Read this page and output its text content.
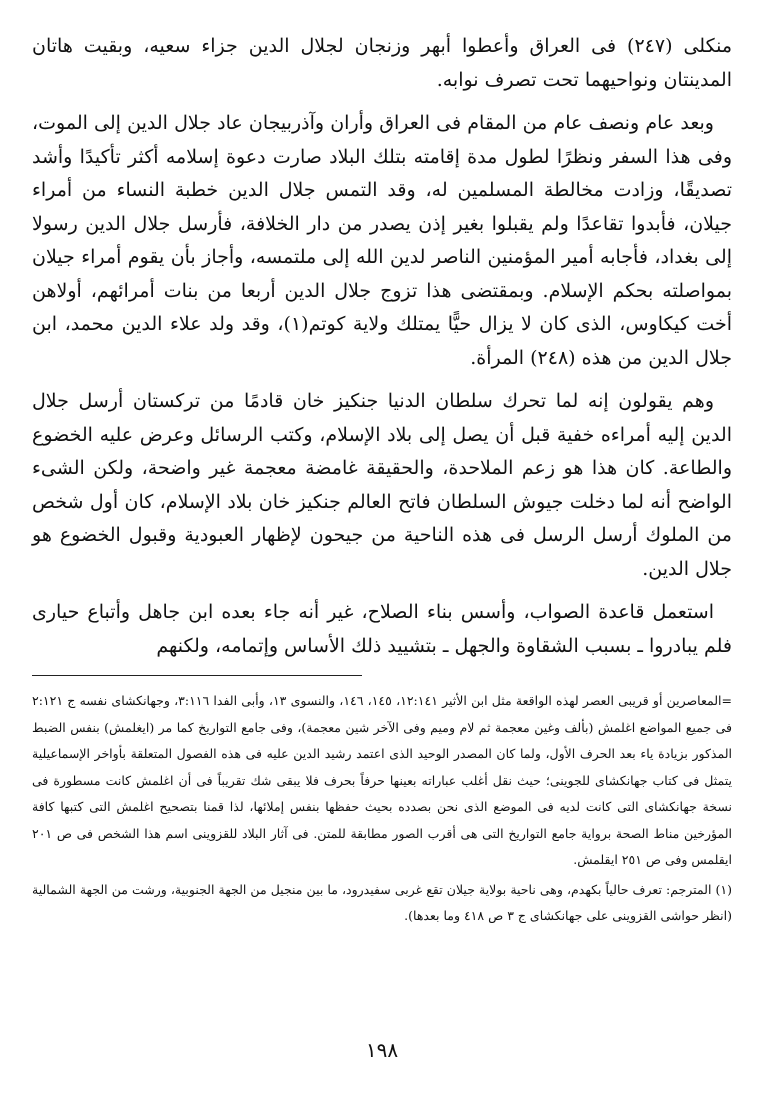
منكلى (٢٤٧) فى العراق وأعطوا أبهر وزنجان لجلال الدين جزاء سعيه، وبقيت هاتان المدينتان ونواحيهما تحت تصرف نوابه.

وبعد عام ونصف عام من المقام فى العراق وأران وآذربيجان عاد جلال الدين إلى الموت، وفى هذا السفر ونظرًا لطول مدة إقامته بتلك البلاد صارت دعوة إسلامه أكثر تأكيدًا وأشد تصديقًا، وزادت مخالطة المسلمين له، وقد التمس جلال الدين خطبة النساء من أمراء جيلان، فأبدوا تقاعدًا ولم يقبلوا بغير إذن يصدر من دار الخلافة، فأرسل جلال الدين رسولا إلى بغداد، فأجابه أمير المؤمنين الناصر لدين الله إلى ملتمسه، وأجاز بأن يقوم أمراء جيلان بمواصلته بحكم الإسلام. وبمقتضى هذا تزوج جلال الدين أربعا من بنات أمرائهم، أولاهن أخت كيكاوس، الذى كان لا يزال حيًّا يمتلك ولاية كوتم(١)، وقد ولد علاء الدين محمد، ابن جلال الدين من هذه (٢٤٨) المرأة.

وهم يقولون إنه لما تحرك سلطان الدنيا جنكيز خان قادمًا من تركستان أرسل جلال الدين إليه أمراءه خفية قبل أن يصل إلى بلاد الإسلام، وكتب الرسائل وعرض عليه الخضوع والطاعة. كان هذا هو زعم الملاحدة، والحقيقة غامضة معجمة غير واضحة، ولكن الشىء الواضح أنه لما دخلت جيوش السلطان فاتح العالم جنكيز خان بلاد الإسلام، كان أول شخص من الملوك أرسل الرسل فى هذه الناحية من جيحون لإظهار العبودية وقبول الخضوع هو جلال الدين.

استعمل قاعدة الصواب، وأسس بناء الصلاح، غير أنه جاء بعده ابن جاهل وأتباع حيارى فلم يبادروا ـ بسبب الشقاوة والجهل ـ بتشييد ذلك الأساس وإتمامه، ولكنهم

=المعاصرين أو قريبى العصر لهذه الواقعة مثل ابن الأثير ١٢:١٤١، ١٤٥، ١٤٦، والنسوى ١٣، وأبى الفدا ٣:١١٦، وجهانكشاى نفسه ج ٢:١٢١ فى جميع المواضع اغلمش (بألف وغين معجمة ثم لام وميم وفى الآخر شين معجمة)، وفى جامع التواريخ كما مر (ايغلمش) بنفس الضبط المذكور بزيادة ياء بعد الحرف الأول، ولما كان المصدر الوحيد الذى اعتمد رشيد الدين عليه فى هذه الفصول المتعلقة بأواخر الإسماعيلية يتمثل فى كتاب جهانكشاى للجوينى؛ حيث نقل أغلب عباراته بعينها حرفاً بحرف فلا يبقى شك تقريباً فى أن اغلمش كانت مسطورة فى نسخة جهانكشاى التى كانت لديه فى الموضع الذى نحن بصدده بحيث حفظها بنفس إملائها، لذا قمنا بتصحيح اغلمش التى كتبها كافة المؤرخين مناط الصحة برواية جامع التواريخ التى هى أقرب الصور مطابقة للمتن. فى آثار البلاد للقزوينى اسم هذا الشخص فى ص ٢٠١ ايقلمس وفى ص ٢٥١ ايقلمش.

(١) المترجم: تعرف حالياً بكهدم، وهى ناحية بولاية جيلان تقع غربى سفيدرود، ما بين منجيل من الجهة الجنوبية، ورشت من الجهة الشمالية (انظر حواشى القزوينى على جهانكشاى ج ٣ ص ٤١٨ وما بعدها).

١٩٨
